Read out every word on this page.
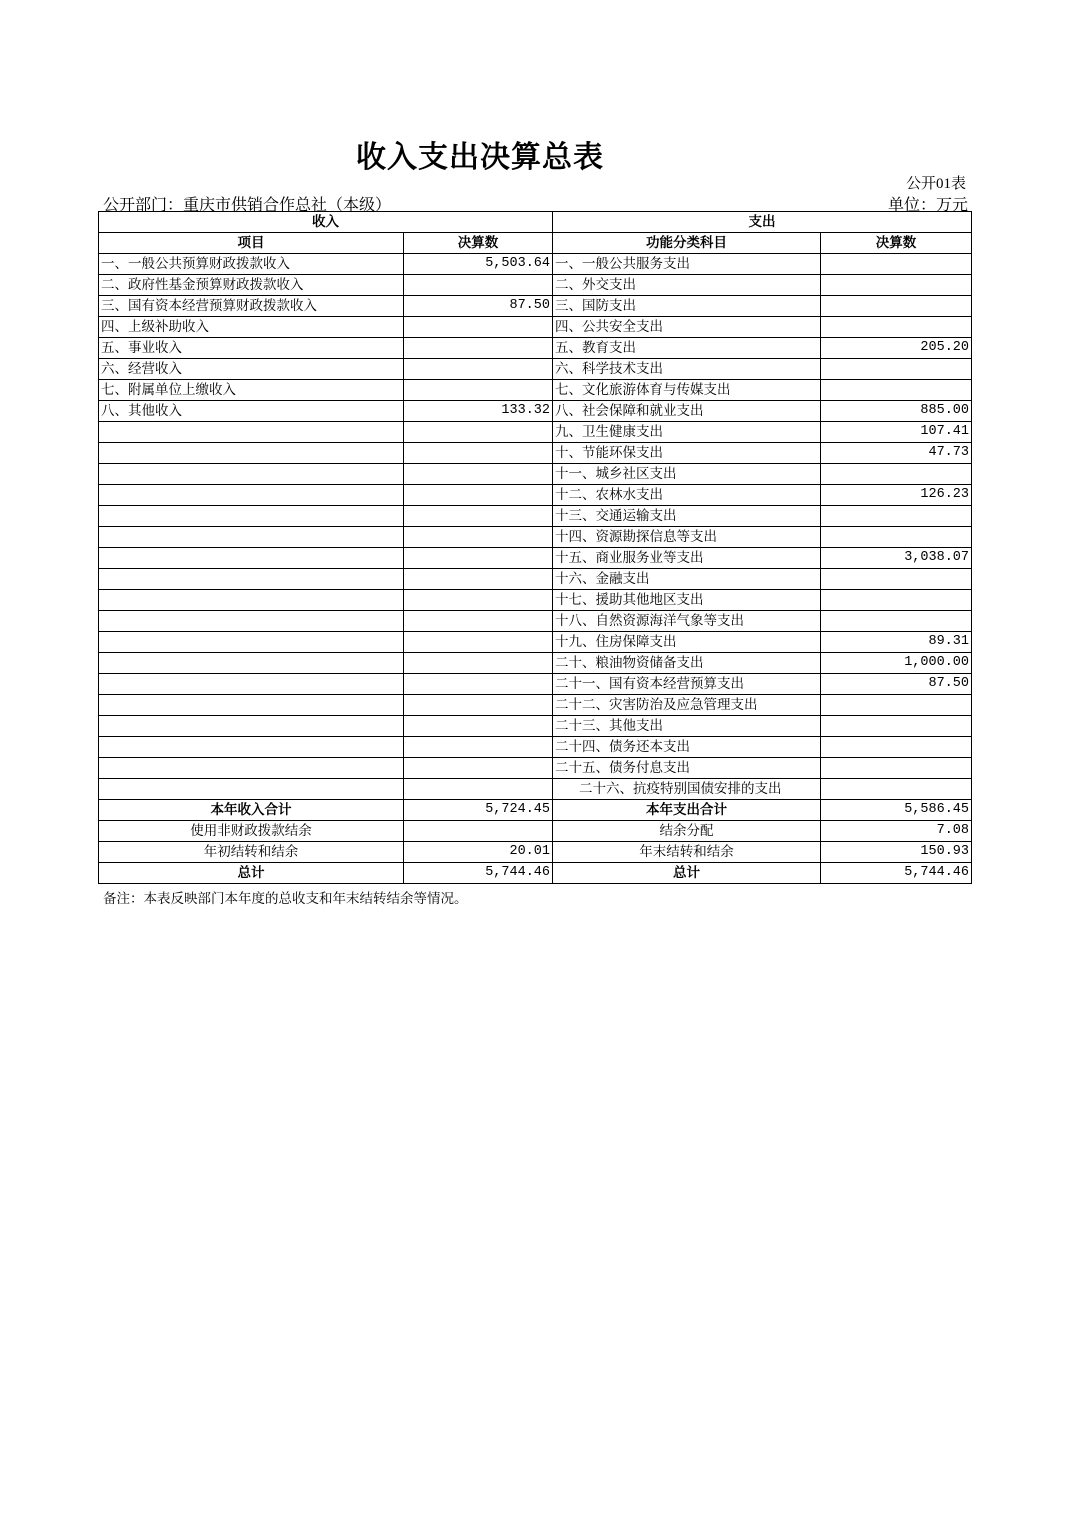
收入支出决算总表
公开01表
公开部门：重庆市供销合作总社（本级）	单位：万元
收入		支出	
项目	决算数	功能分类科目	决算数
一、一般公共预算财政拨款收入	5,503.64	一、一般公共服务支出	
二、政府性基金预算财政拨款收入		二、外交支出	
三、国有资本经营预算财政拨款收入	87.50	三、国防支出	
四、上级补助收入		四、公共安全支出	
五、事业收入		五、教育支出	205.20
六、经营收入		六、科学技术支出	
七、附属单位上缴收入		七、文化旅游体育与传媒支出	
八、其他收入	133.32	八、社会保障和就业支出	885.00
		九、卫生健康支出	107.41
		十、节能环保支出	47.73
		十一、城乡社区支出	
		十二、农林水支出	126.23
		十三、交通运输支出	
		十四、资源勘探信息等支出	
		十五、商业服务业等支出	3,038.07
		十六、金融支出	
		十七、援助其他地区支出	
		十八、自然资源海洋气象等支出	
		十九、住房保障支出	89.31
		二十、粮油物资储备支出	1,000.00
		二十一、国有资本经营预算支出	87.50
		二十二、灾害防治及应急管理支出	
		二十三、其他支出	
		二十四、债务还本支出	
		二十五、债务付息支出	
		二十六、抗疫特别国债安排的支出	
本年收入合计	5,724.45	本年支出合计	5,586.45
使用非财政拨款结余		结余分配	7.08
年初结转和结余	20.01	年末结转和结余	150.93
总计	5,744.46	总计	5,744.46
备注：本表反映部门本年度的总收支和年末结转结余等情况。
